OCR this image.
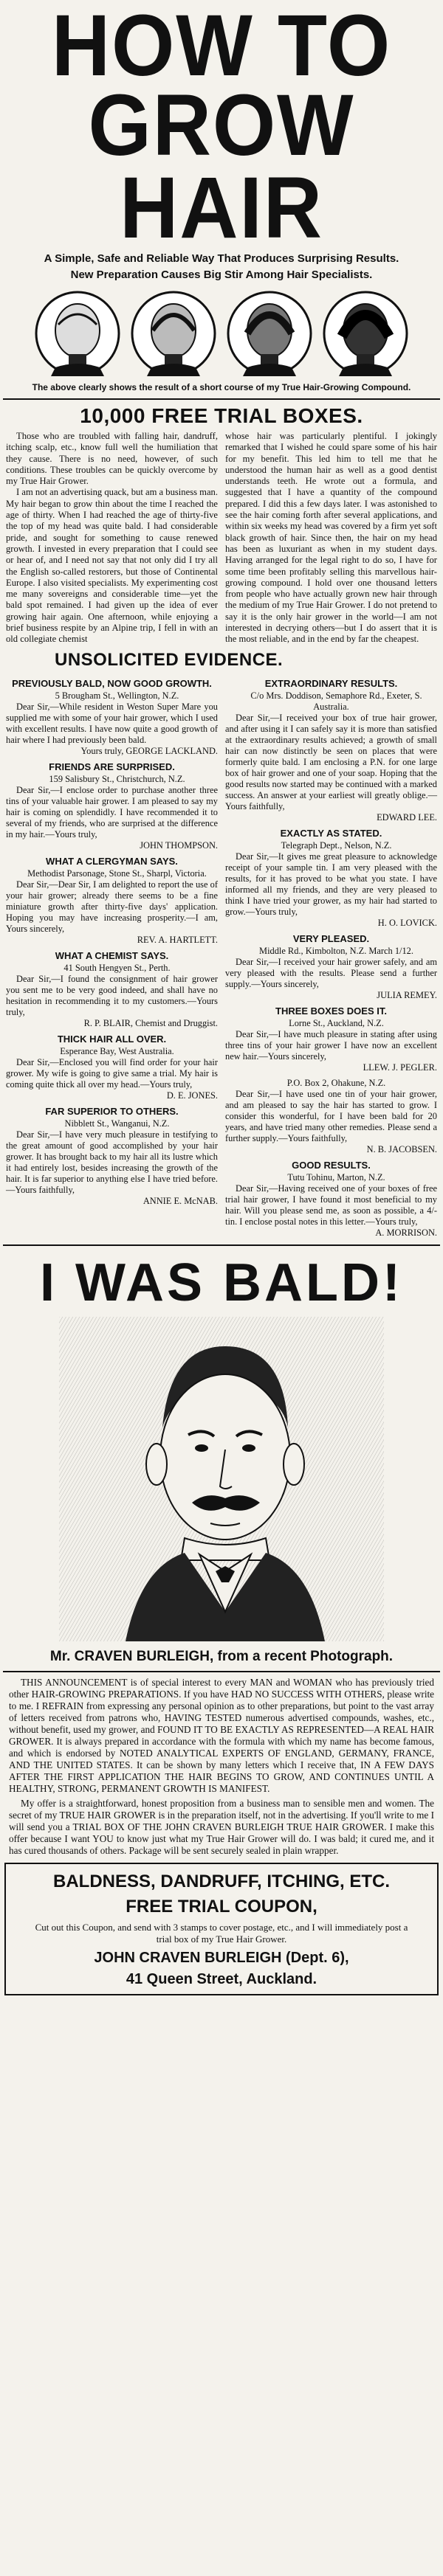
HOW TO
GROW HAIR
A Simple, Safe and Reliable Way That Produces Surprising Results.
New Preparation Causes Big Stir Among Hair Specialists.
The above clearly shows the result of a short course of my True Hair-Growing Compound.
10,000 FREE TRIAL BOXES.

Those who are troubled with falling hair, dandruff, itching scalp, etc., know full well the humiliation that they cause. There is no need, however, of such conditions. These troubles can be quickly overcome by my True Hair Grower.

I am not an advertising quack, but am a business man. My hair began to grow thin about the time I reached the age of thirty. When I had reached the age of thirty-five the top of my head was quite bald. I had considerable pride, and sought for something to cause renewed growth. I invested in every preparation that I could see or hear of, and I need not say that not only did I try all the English so-called restorers, but those of Continental Europe. I also visited specialists. My experimenting cost me many sovereigns and considerable time—yet the bald spot remained. I had given up the idea of ever growing hair again. One afternoon, while enjoying a brief business respite by an Alpine trip, I fell in with an old collegiate chemist

whose hair was particularly plentiful. I jokingly remarked that I wished he could spare some of his hair for my benefit. This led him to tell me that he understood the human hair as well as a good dentist understands teeth. He wrote out a formula, and suggested that I have a quantity of the compound prepared. I did this a few days later. I was astonished to see the hair coming forth after several applications, and within six weeks my head was covered by a firm yet soft black growth of hair. Since then, the hair on my head has been as luxuriant as when in my student days. Having arranged for the legal right to do so, I have for some time been profitably selling this marvellous hair-growing compound. I hold over one thousand letters from people who have actually grown new hair through the medium of my True Hair Grower. I do not pretend to say it is the only hair grower in the world—I am not interested in decrying others—but I do assert that it is the most reliable, and in the end by far the cheapest.

UNSOLICITED EVIDENCE.
PREVIOUSLY BALD, NOW GOOD GROWTH.

5 Brougham St., Wellington, N.Z.

Dear Sir,—While resident in Weston Super Mare you supplied me with some of your hair grower, which I used with excellent results. I have now quite a good growth of hair where I had previously been bald.

Yours truly, GEORGE LACKLAND.

FRIENDS ARE SURPRISED.

159 Salisbury St., Christchurch, N.Z.

Dear Sir,—I enclose order to purchase another three tins of your valuable hair grower. I am pleased to say my hair is coming on splendidly. I have recommended it to several of my friends, who are surprised at the difference in my hair.—Yours truly,

JOHN THOMPSON.

WHAT A CLERGYMAN SAYS.

Methodist Parsonage, Stone St., Sharpl, Victoria.

Dear Sir,—Dear Sir, I am delighted to report the use of your hair grower; already there seems to be a fine miniature growth after thirty-five days' application. Hoping you may have increasing prosperity.—I am, Yours sincerely,

REV. A. HARTLETT.

WHAT A CHEMIST SAYS.

41 South Hengyen St., Perth.

Dear Sir,—I found the consignment of hair grower you sent me to be very good indeed, and shall have no hesitation in recommending it to my customers.—Yours truly,

R. P. BLAIR, Chemist and Druggist.

THICK HAIR ALL OVER.

Esperance Bay, West Australia.

Dear Sir,—Enclosed you will find order for your hair grower. My wife is going to give same a trial. My hair is coming quite thick all over my head.—Yours truly,

D. E. JONES.

FAR SUPERIOR TO OTHERS.

Nibblett St., Wanganui, N.Z.

Dear Sir,—I have very much pleasure in testifying to the great amount of good accomplished by your hair grower. It has brought back to my hair all its lustre which it had entirely lost, besides increasing the growth of the hair. It is far superior to anything else I have tried before.—Yours faithfully,

ANNIE E. McNAB.

EXTRAORDINARY RESULTS.

C/o Mrs. Doddison, Semaphore Rd., Exeter, S. Australia.

Dear Sir,—I received your box of true hair grower, and after using it I can safely say it is more than satisfied at the extraordinary results achieved; a growth of small hair can now distinctly be seen on places that were formerly quite bald. I am enclosing a P.N. for one large box of hair grower and one of your soap. Hoping that the good results now started may be continued with a marked success. An answer at your earliest will greatly oblige.—Yours faithfully,

EDWARD LEE.

EXACTLY AS STATED.

Telegraph Dept., Nelson, N.Z.

Dear Sir,—It gives me great pleasure to acknowledge receipt of your sample tin. I am very pleased with the results, for it has proved to be what you state. I have informed all my friends, and they are very pleased to think I have tried your grower, as my hair had started to grow.—Yours truly,

H. O. LOVICK.

VERY PLEASED.

Middle Rd., Kimbolton, N.Z. March 1/12.

Dear Sir,—I received your hair grower safely, and am very pleased with the results. Please send a further supply.—Yours sincerely,

JULIA REMEY.

THREE BOXES DOES IT.

Lorne St., Auckland, N.Z.

Dear Sir,—I have much pleasure in stating after using three tins of your hair grower I have now an excellent new hair.—Yours sincerely,

LLEW. J. PEGLER.

P.O. Box 2, Ohakune, N.Z.

Dear Sir,—I have used one tin of your hair grower, and am pleased to say the hair has started to grow. I consider this wonderful, for I have been bald for 20 years, and have tried many other remedies. Please send a further supply.—Yours faithfully,

N. B. JACOBSEN.

GOOD RESULTS.

Tutu Tohinu, Marton, N.Z.

Dear Sir,—Having received one of your boxes of free trial hair grower, I have found it most beneficial to my hair. Will you please send me, as soon as possible, a 4/- tin. I enclose postal notes in this letter.—Yours truly,

A. MORRISON.

I WAS BALD!
Mr. CRAVEN BURLEIGH, from a recent Photograph.

THIS ANNOUNCEMENT is of special interest to every MAN and WOMAN who has previously tried other HAIR-GROWING PREPARATIONS. If you have HAD NO SUCCESS WITH OTHERS, please write to me. I REFRAIN from expressing any personal opinion as to other preparations, but point to the vast array of letters received from patrons who, HAVING TESTED numerous advertised compounds, washes, etc., without benefit, used my grower, and FOUND IT TO BE EXACTLY AS REPRESENTED—A REAL HAIR GROWER. It is always prepared in accordance with the formula with which my name has become famous, and which is endorsed by NOTED ANALYTICAL EXPERTS OF ENGLAND, GERMANY, FRANCE, AND THE UNITED STATES. It can be shown by many letters which I receive that, IN A FEW DAYS AFTER THE FIRST APPLICATION THE HAIR BEGINS TO GROW, AND CONTINUES UNTIL A HEALTHY, STRONG, PERMANENT GROWTH IS MANIFEST.

My offer is a straightforward, honest proposition from a business man to sensible men and women. The secret of my TRUE HAIR GROWER is in the preparation itself, not in the advertising. If you'll write to me I will send you a TRIAL BOX OF THE JOHN CRAVEN BURLEIGH TRUE HAIR GROWER. I make this offer because I want YOU to know just what my True Hair Grower will do. I was bald; it cured me, and it has cured thousands of others. Package will be sent securely sealed in plain wrapper.

BALDNESS, DANDRUFF, ITCHING, ETC.
FREE TRIAL COUPON,
Cut out this Coupon, and send with 3 stamps to cover postage, etc., and I will immediately post a trial box of my True Hair Grower.
JOHN CRAVEN BURLEIGH (Dept. 6),
41 Queen Street, Auckland.
